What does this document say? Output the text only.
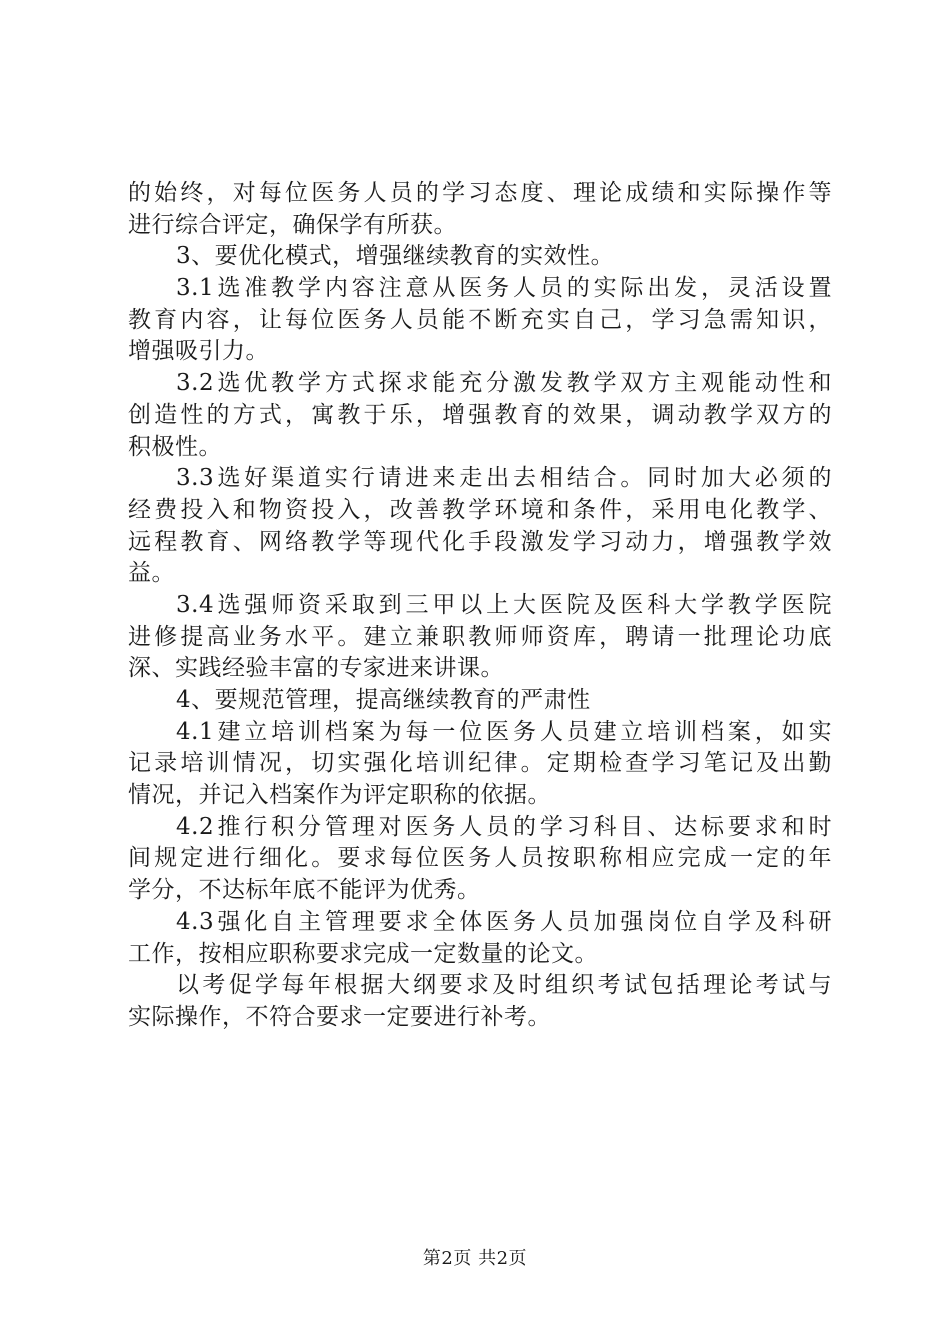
的始终，对每位医务人员的学习态度、理论成绩和实际操作等
进行综合评定，确保学有所获。
3、要优化模式，增强继续教育的实效性。
3.1选准教学内容注意从医务人员的实际出发，灵活设置
教育内容，让每位医务人员能不断充实自己，学习急需知识，
增强吸引力。
3.2选优教学方式探求能充分激发教学双方主观能动性和
创造性的方式，寓教于乐，增强教育的效果，调动教学双方的
积极性。
3.3选好渠道实行请进来走出去相结合。同时加大必须的
经费投入和物资投入，改善教学环境和条件，采用电化教学、
远程教育、网络教学等现代化手段激发学习动力，增强教学效
益。
3.4选强师资采取到三甲以上大医院及医科大学教学医院
进修提高业务水平。建立兼职教师师资库，聘请一批理论功底
深、实践经验丰富的专家进来讲课。
4、要规范管理，提高继续教育的严肃性
4.1建立培训档案为每一位医务人员建立培训档案，如实
记录培训情况，切实强化培训纪律。定期检查学习笔记及出勤
情况，并记入档案作为评定职称的依据。
4.2推行积分管理对医务人员的学习科目、达标要求和时
间规定进行细化。要求每位医务人员按职称相应完成一定的年
学分，不达标年底不能评为优秀。
4.3强化自主管理要求全体医务人员加强岗位自学及科研
工作，按相应职称要求完成一定数量的论文。
以考促学每年根据大纲要求及时组织考试包括理论考试与
实际操作，不符合要求一定要进行补考。
第2页 共2页
